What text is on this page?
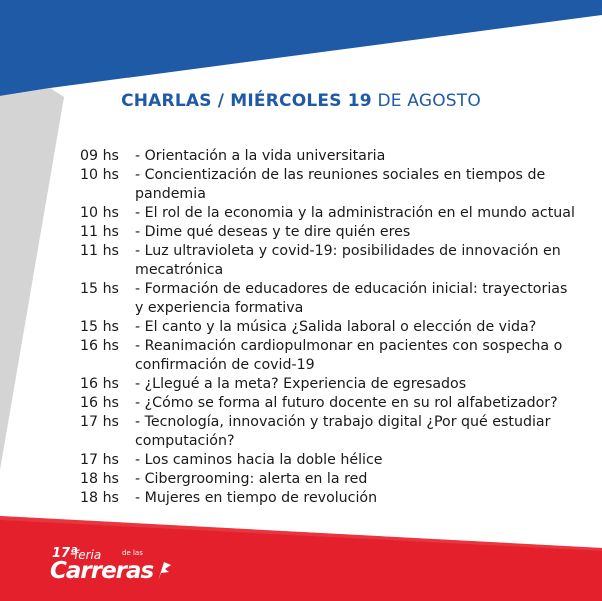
CHARLAS / MIÉRCOLES 19 DE AGOSTO
09 hs	- Orientación a la vida universitaria
10 hs	- Concientización de las reuniones sociales en tiempos de pandemia
10 hs	- El rol de la economia y la administración en el mundo actual
11 hs	- Dime qué deseas y te dire quién eres
11 hs	- Luz ultravioleta y covid-19: posibilidades de innovación en mecatrónica
15 hs	- Formación de educadores de educación inicial: trayectorias y experiencia formativa
15 hs	- El canto y la música ¿Salida laboral o elección de vida?
16 hs	- Reanimación cardiopulmonar en pacientes con sospecha o confirmación de covid-19
16 hs	- ¿Llegué a la meta? Experiencia de egresados
16 hs	- ¿Cómo se forma al futuro docente en su rol alfabetizador?
17 hs	- Tecnología, innovación y trabajo digital ¿Por qué estudiar computación?
17 hs	- Los caminos hacia la doble hélice
18 hs	- Cibergrooming: alerta en la red
18 hs	- Mujeres en tiempo de revolución
17ª
feria	de las
Carreras
